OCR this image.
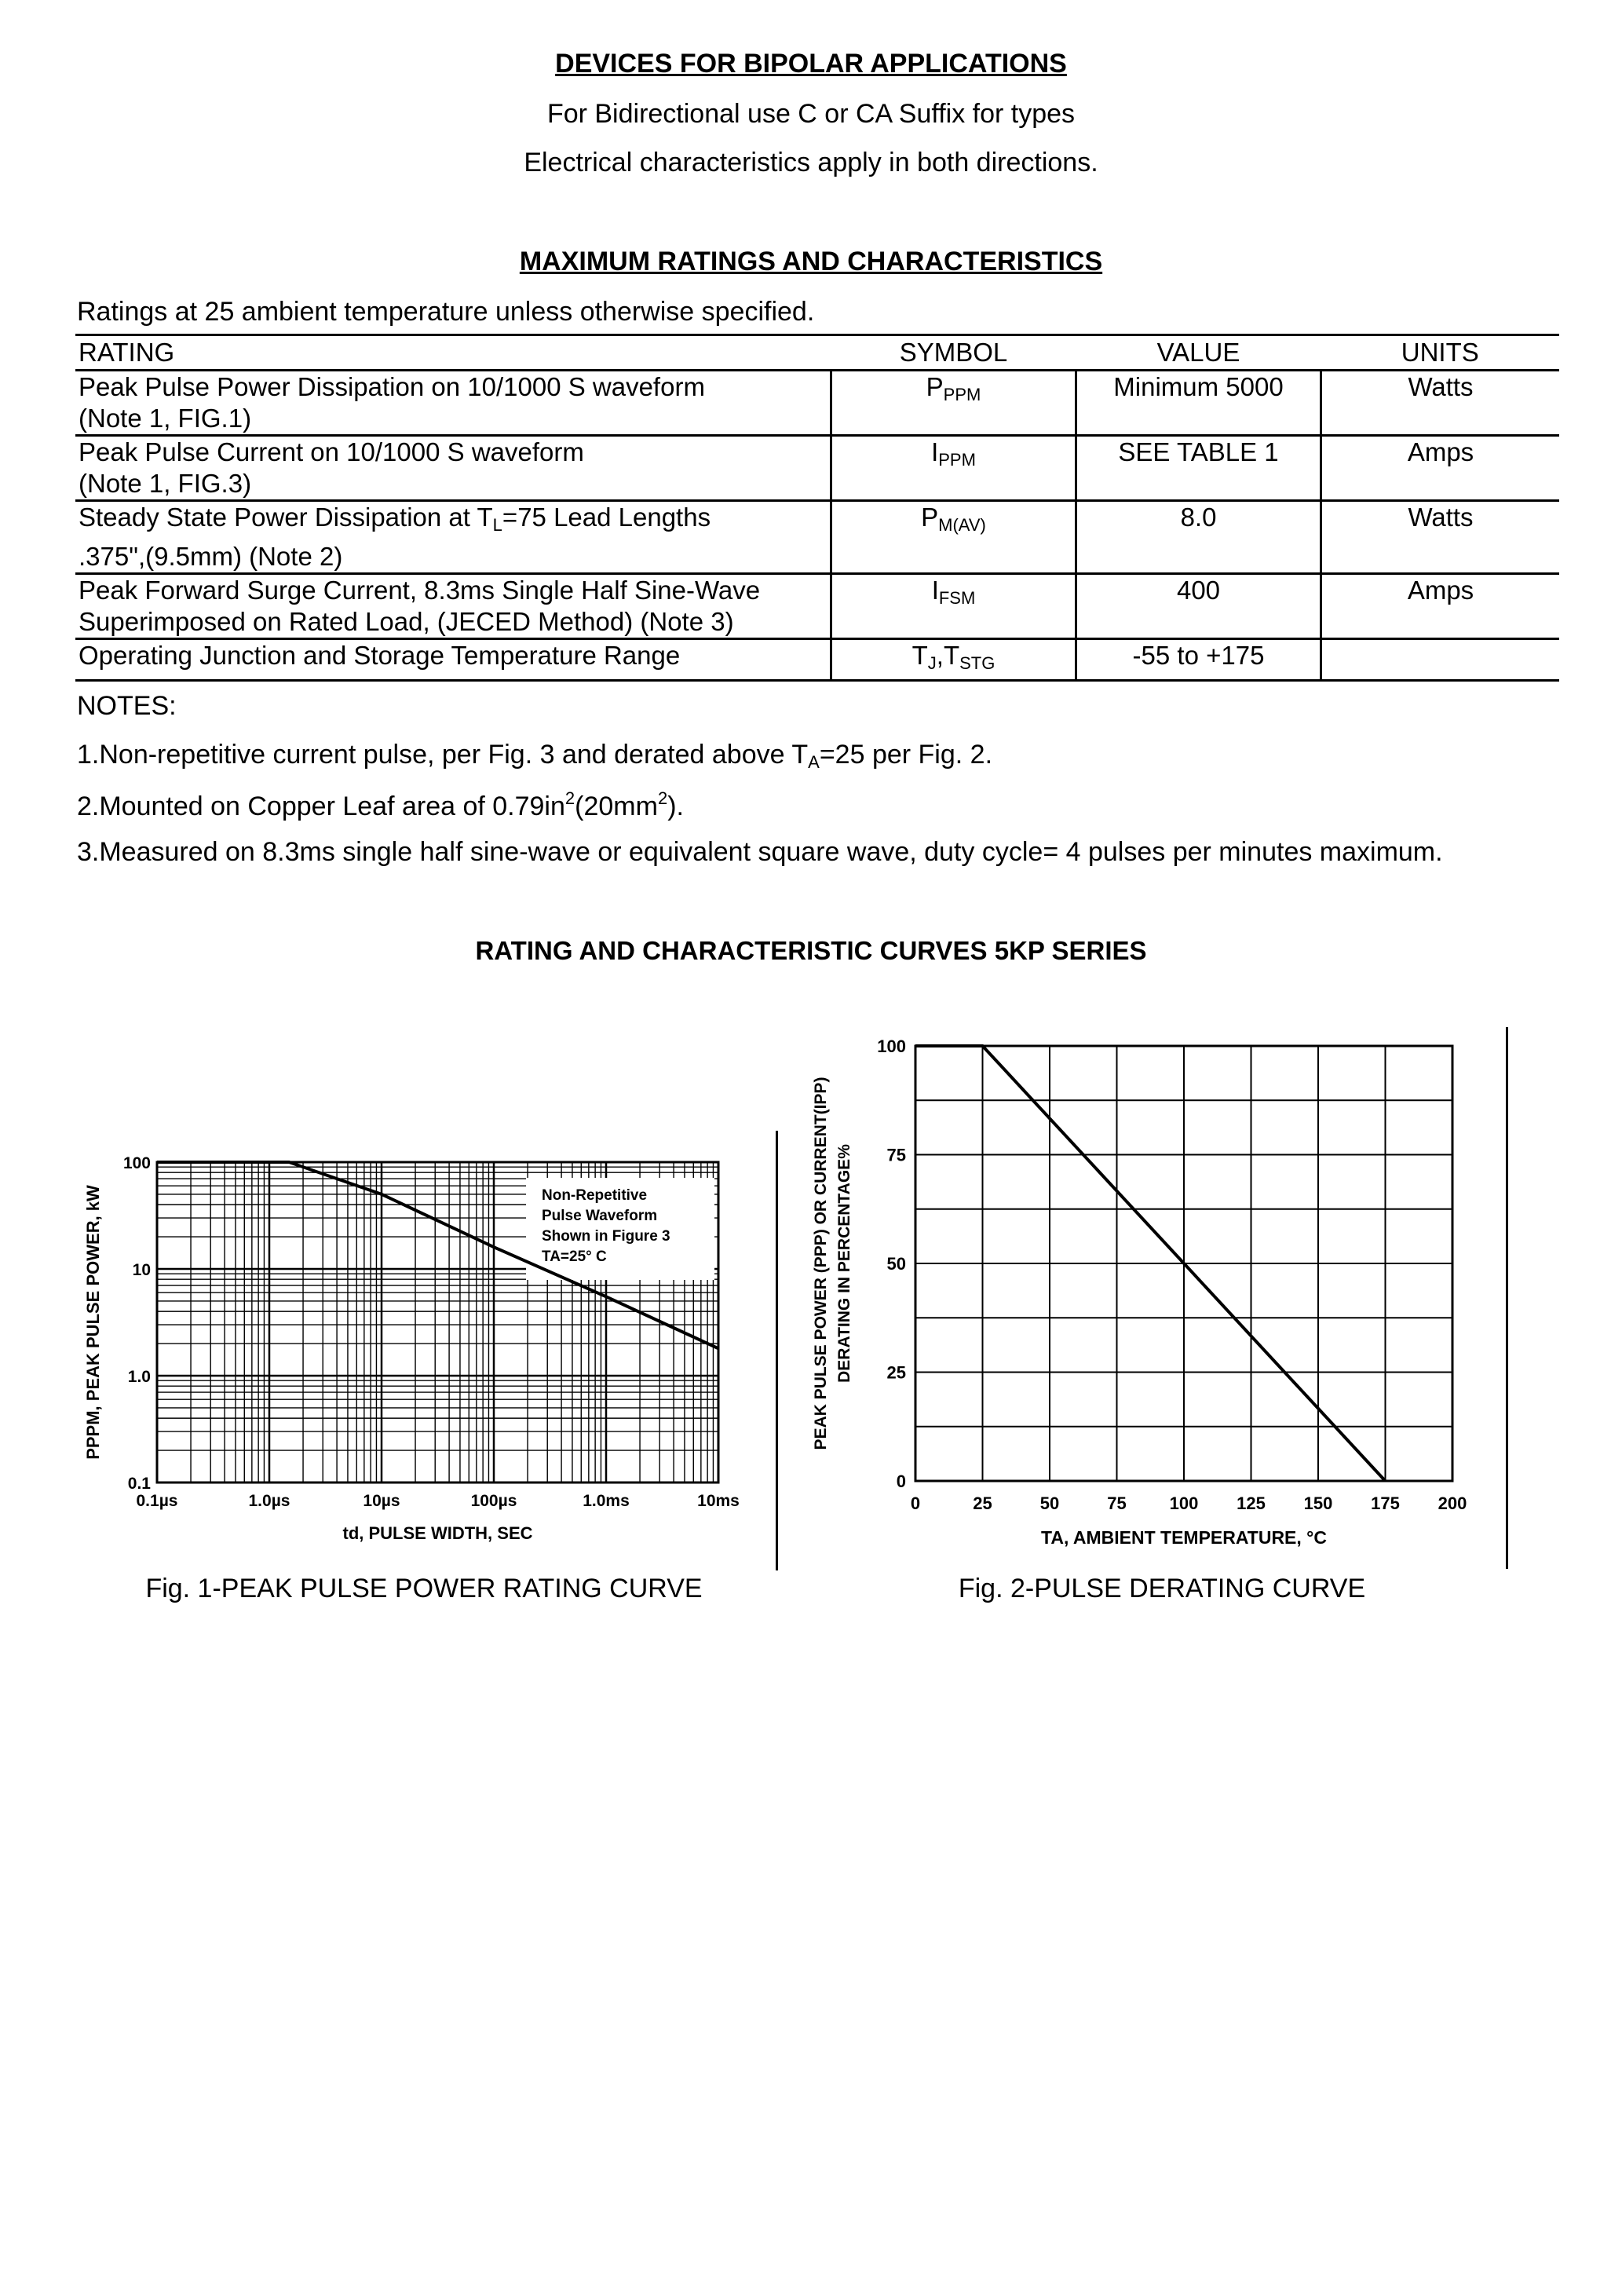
DEVICES FOR BIPOLAR APPLICATIONS
For Bidirectional use C or CA Suffix for types
Electrical characteristics apply in both directions.
MAXIMUM RATINGS AND CHARACTERISTICS
Ratings at 25 ambient temperature unless otherwise specified.
RATING	SYMBOL	VALUE	UNITS
Peak Pulse Power Dissipation on 10/1000 S waveform
(Note 1, FIG.1)	$P_{PPM}$	Minimum 5000	Watts
Peak Pulse Current on 10/1000 S waveform
(Note 1, FIG.3)	$I_{PPM}$	SEE TABLE 1	Amps
Steady State Power Dissipation at $T_L=75$ Lead Lengths
.375",(9.5mm) (Note 2)	$P_{M(AV)}$	8.0	Watts
Peak Forward Surge Current, 8.3ms Single Half Sine-Wave
Superimposed on Rated Load, (JECED Method) (Note 3)	$I_{FSM}$	400	Amps
Operating Junction and Storage Temperature Range	$T_J,T_{STG}$	-55 to +175	
NOTES:
1.Non-repetitive current pulse, per Fig. 3 and derated above $T_A=25$ per Fig. 2.
2.Mounted on Copper Leaf area of $0.79in^2(20mm^2)$.
3.Measured on 8.3ms single half sine-wave or equivalent square wave, duty cycle= 4 pulses per minutes maximum.
RATING AND CHARACTERISTIC CURVES 5KP SERIES
Non-Repetitive
Pulse Waveform
Shown in Figure 3
TA=25° C
0.1µs	1.0µs	10µs	100µs	1.0ms	10ms
100
10
1.0
0.1
td, PULSE WIDTH, SEC
PPPM, PEAK PULSE POWER, kW
Fig. 1-PEAK PULSE POWER RATING CURVE
0	25	50	75 100 125 150 175 200
0
25
50
75
100
TA, AMBIENT TEMPERATURE, °C
PEAK PULSE POWER (PPP) OR CURRENT(IPP) DERATING IN PERCENTAGE%
Fig. 2-PULSE DERATING CURVE
